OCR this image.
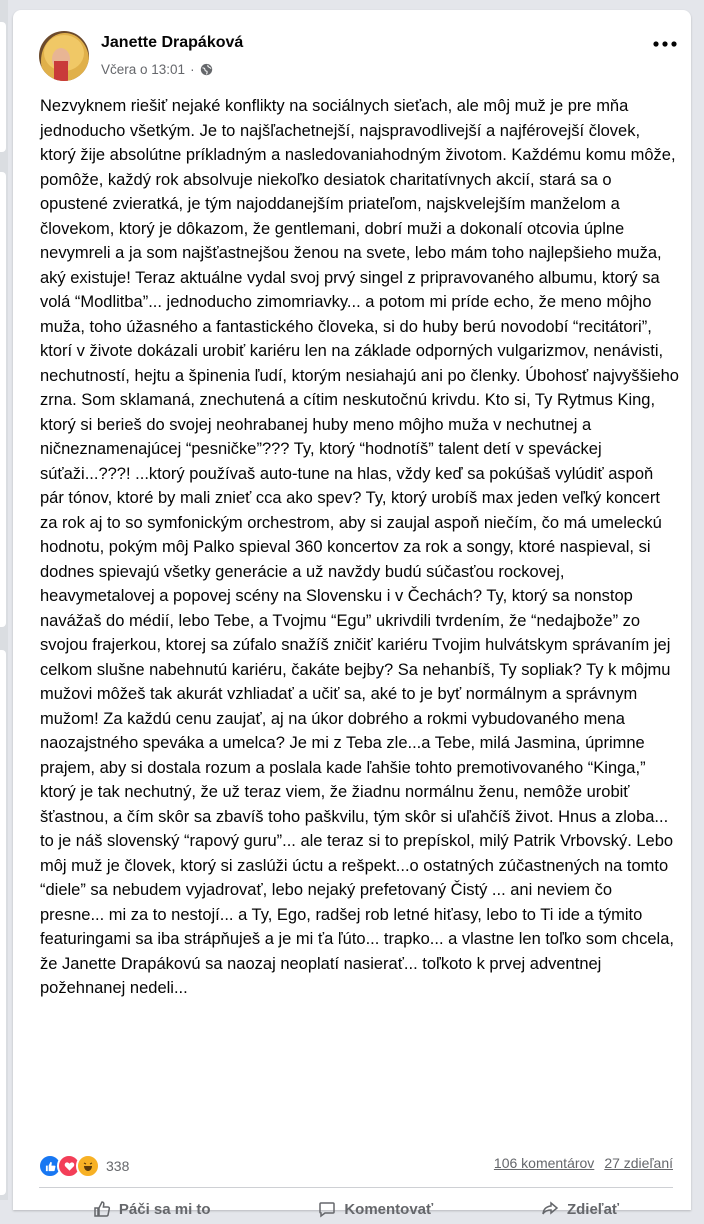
Janette Drapáková
Včera o 13:01 ·

Nezvyknem riešiť nejaké konflikty na sociálnych sieťach, ale môj muž je pre mňa jednoducho všetkým. Je to najšľachetnejší, najspravodlivejší a najférovejší človek, ktorý žije absolútne príkladným a nasledovaniahodným životom. Každému komu môže, pomôže, každý rok absolvuje niekoľko desiatok charitatívnych akcií, stará sa o opustené zvieratká, je tým najoddanejším priateľom, najskvelejším manželom a človekom, ktorý je dôkazom, že gentlemani, dobrí muži a dokonalí otcovia úplne nevymreli a ja som najšťastnejšou ženou na svete, lebo mám toho najlepšieho muža, aký existuje! Teraz aktuálne vydal svoj prvý singel z pripravovaného albumu, ktorý sa volá “Modlitba”... jednoducho zimomriavky... a potom mi príde echo, že meno môjho muža, toho úžasného a fantastického človeka, si do huby berú novodobí “recitátori”, ktorí v živote dokázali urobiť kariéru len na základe odporných vulgarizmov, nenávisti, nechutností, hejtu a špinenia ľudí, ktorým nesiahajú ani po členky. Úbohosť najvyššieho zrna. Som sklamaná, znechutená a cítim neskutočnú krivdu. Kto si, Ty Rytmus King, ktorý si berieš do svojej neohrabanej huby meno môjho muža v nechutnej a ničneznamenajúcej “pesničke”??? Ty, ktorý “hodnotíš” talent detí v speváckej súťaži...???! ...ktorý používaš auto-tune na hlas, vždy keď sa pokúšaš vylúdiť aspoň pár tónov, ktoré by mali znieť cca ako spev? Ty, ktorý urobíš max jeden veľký koncert za rok aj to so symfonickým orchestrom, aby si zaujal aspoň niečím, čo má umeleckú hodnotu, pokým môj Palko spieval 360 koncertov za rok a songy, ktoré naspieval, si dodnes spievajú všetky generácie a už navždy budú súčasťou rockovej, heavymetalovej a popovej scény na Slovensku i v Čechách? Ty, ktorý sa nonstop navážaš do médií, lebo Tebe, a Tvojmu “Egu” ukrivdili tvrdením, že “nedajbože” zo svojou frajerkou, ktorej sa zúfalo snažíš zničiť kariéru Tvojim hulvátskym správaním jej celkom slušne nabehnutú kariéru, čakáte bejby? Sa nehanbíš, Ty sopliak? Ty k môjmu mužovi môžeš tak akurát vzhliadať a učiť sa, aké to je byť normálnym a správnym mužom! Za každú cenu zaujať, aj na úkor dobrého a rokmi vybudovaného mena naozajstného speváka a umelca? Je mi z Teba zle...a Tebe, milá Jasmina, úprimne prajem, aby si dostala rozum a poslala kade ľahšie tohto premotivovaného “Kinga,” ktorý je tak nechutný, že už teraz viem, že žiadnu normálnu ženu, nemôže urobiť šťastnou, a čím skôr sa zbavíš toho paškvilu, tým skôr si uľahčíš život. Hnus a zloba... to je náš slovenský “rapový guru”... ale teraz si to prepískol, milý Patrik Vrbovský. Lebo môj muž je človek, ktorý si zaslúži úctu a rešpekt...o ostatných zúčastnených na tomto “diele” sa nebudem vyjadrovať, lebo nejaký prefetovaný Čistý ... ani neviem čo presne... mi za to nestojí... a Ty, Ego, radšej rob letné hiťasy, lebo to Ti ide a týmito featuringami sa iba strápňuješ a je mi ťa ľúto... trapko... a vlastne len toľko som chcela, že Janette Drapákovú sa naozaj neoplatí nasierať... toľkoto k prvej adventnej požehnanej nedeli...

338	106 komentárov 27 zdieľaní
Páči sa mi to	Komentovať	Zdieľať
